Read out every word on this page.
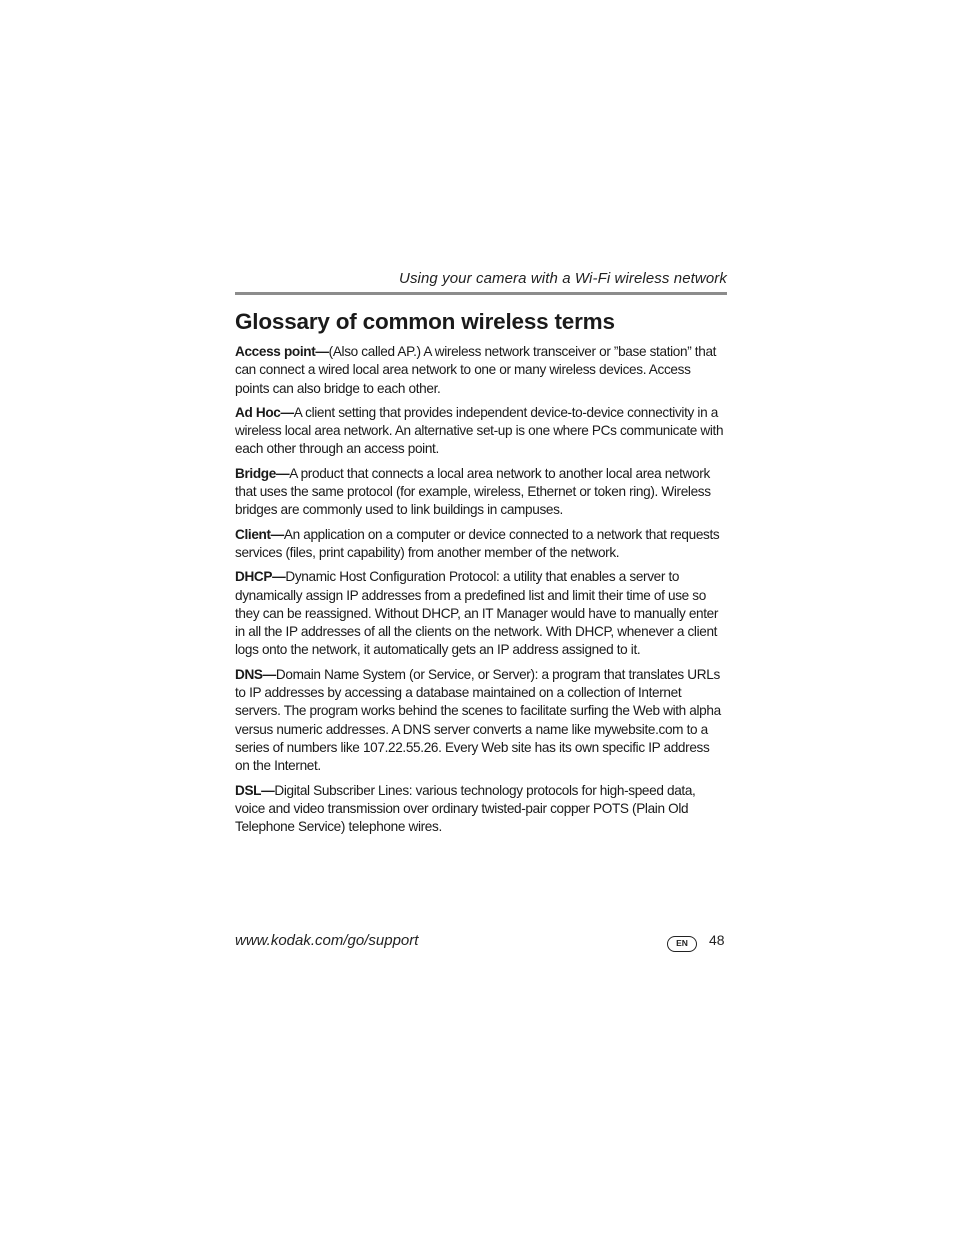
Using your camera with a Wi-Fi wireless network
Glossary of common wireless terms

Access point—(Also called AP.) A wireless network transceiver or ”base station” that can connect a wired local area network to one or many wireless devices. Access points can also bridge to each other.

Ad Hoc—A client setting that provides independent device-to-device connectivity in a wireless local area network. An alternative set-up is one where PCs communicate with each other through an access point.

Bridge—A product that connects a local area network to another local area network that uses the same protocol (for example, wireless, Ethernet or token ring). Wireless bridges are commonly used to link buildings in campuses.

Client—An application on a computer or device connected to a network that requests services (files, print capability) from another member of the network.

DHCP—Dynamic Host Configuration Protocol: a utility that enables a server to dynamically assign IP addresses from a predefined list and limit their time of use so they can be reassigned. Without DHCP, an IT Manager would have to manually enter in all the IP addresses of all the clients on the network. With DHCP, whenever a client logs onto the network, it automatically gets an IP address assigned to it.

DNS—Domain Name System (or Service, or Server): a program that translates URLs to IP addresses by accessing a database maintained on a collection of Internet servers. The program works behind the scenes to facilitate surfing the Web with alpha versus numeric addresses. A DNS server converts a name like mywebsite.com to a series of numbers like 107.22.55.26. Every Web site has its own specific IP address on the Internet.

DSL—Digital Subscriber Lines: various technology protocols for high-speed data, voice and video transmission over ordinary twisted-pair copper POTS (Plain Old Telephone Service) telephone wires.

www.kodak.com/go/support	EN	48
